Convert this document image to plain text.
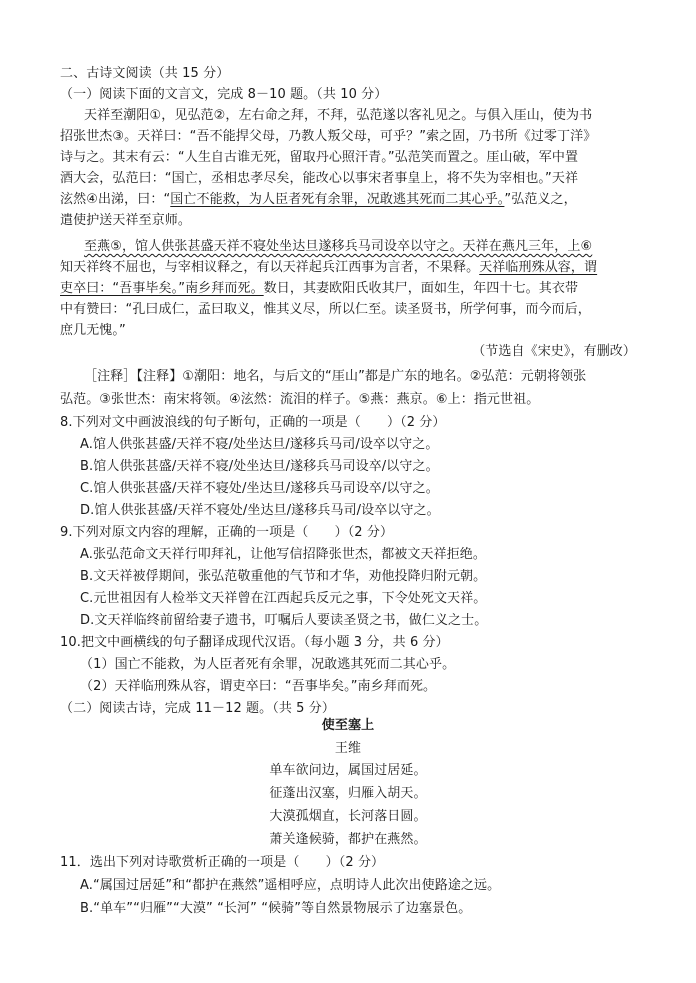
二、古诗文阅读（共 15 分）
（一）阅读下面的文言文，完成 8－10 题。（共 10 分）
天祥至潮阳①，见弘范②，左右命之拜，不拜，弘范遂以客礼见之。与俱入厓山，使为书
招张世杰③。天祥曰：“吾不能捍父母，乃教人叛父母，可乎？”索之固，乃书所《过零丁洋》
诗与之。其末有云：“人生自古谁无死，留取丹心照汗青。”弘范笑而置之。厓山破，军中置
酒大会，弘范曰：“国亡，丞相忠孝尽矣，能改心以事宋者事皇上，将不失为宰相也。”天祥
泫然④出涕，曰：“国亡不能救，为人臣者死有余罪，况敢逃其死而二其心乎。”弘范义之，
遣使护送天祥至京师。
至燕⑤，馆人供张甚盛天祥不寝处坐达旦遂移兵马司设卒以守之。天祥在燕凡三年，上⑥
知天祥终不屈也，与宰相议释之，有以天祥起兵江西事为言者，不果释。天祥临刑殊从容，谓
吏卒曰：“吾事毕矣。”南乡拜而死。数日，其妻欧阳氏收其尸，面如生，年四十七。其衣带
中有赞曰：“孔曰成仁，孟曰取义，惟其义尽，所以仁至。读圣贤书，所学何事，而今而后，
庶几无愧。”
（节选自《宋史》，有删改）
［注释］【注释】①潮阳：地名，与后文的“厓山”都是广东的地名。②弘范：元朝将领张
弘范。③张世杰：南宋将领。④泫然：流泪的样子。⑤燕：燕京。⑥上：指元世祖。
8.下列对文中画波浪线的句子断句，正确的一项是（　　）（2 分）
A.馆人供张甚盛/天祥不寝/处坐达旦/遂移兵马司/设卒以守之。
B.馆人供张甚盛/天祥不寝/处坐达旦/遂移兵马司设卒/以守之。
C.馆人供张甚盛/天祥不寝处/坐达旦/遂移兵马司设卒/以守之。
D.馆人供张甚盛/天祥不寝处/坐达旦/遂移兵马司/设卒以守之。
9.下列对原文内容的理解，正确的一项是（　　）（2 分）
A.张弘范命文天祥行叩拜礼，让他写信招降张世杰，都被文天祥拒绝。
B.文天祥被俘期间，张弘范敬重他的气节和才华，劝他投降归附元朝。
C.元世祖因有人检举文天祥曾在江西起兵反元之事，下令处死文天祥。
D.文天祥临终前留给妻子遗书，叮嘱后人要读圣贤之书，做仁义之士。
10.把文中画横线的句子翻译成现代汉语。（每小题 3 分，共 6 分）
（1）国亡不能救，为人臣者死有余罪，况敢逃其死而二其心乎。
（2）天祥临刑殊从容，谓吏卒曰：“吾事毕矣。”南乡拜而死。
（二）阅读古诗，完成 11－12 题。（共 5 分）
使至塞上
王维
单车欲问边，属国过居延。
征蓬出汉塞，归雁入胡天。
大漠孤烟直，长河落日圆。
萧关逢候骑，都护在燕然。
11．选出下列对诗歌赏析正确的一项是（　　）（2 分）
A.“属国过居延”和“都护在燕然”遥相呼应，点明诗人此次出使路途之远。
B.“单车”“归雁”“大漠” “长河” “候骑”等自然景物展示了边塞景色。
